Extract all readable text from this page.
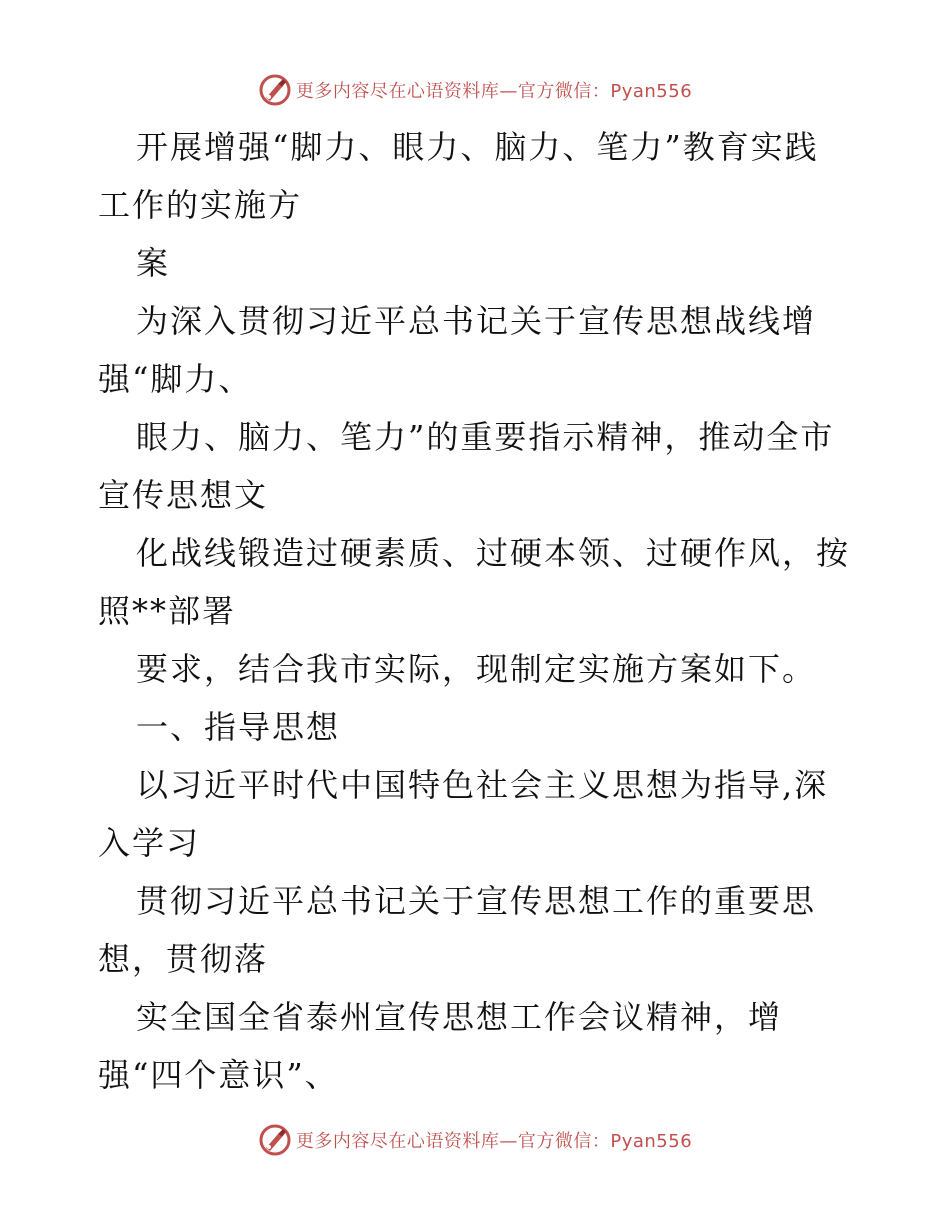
更多内容尽在心语资料库—官方微信：Pyan556
开展增强“脚力、眼力、脑力、笔力”教育实践
工作的实施方
案
为深入贯彻习近平总书记关于宣传思想战线增
强“脚力、
眼力、脑力、笔力”的重要指示精神，推动全市
宣传思想文
化战线锻造过硬素质、过硬本领、过硬作风，按
照**部署
要求，结合我市实际，现制定实施方案如下。
一、指导思想
以习近平时代中国特色社会主义思想为指导,深
入学习
贯彻习近平总书记关于宣传思想工作的重要思
想，贯彻落
实全国全省泰州宣传思想工作会议精神，增
强“四个意识”、
更多内容尽在心语资料库—官方微信：Pyan556
